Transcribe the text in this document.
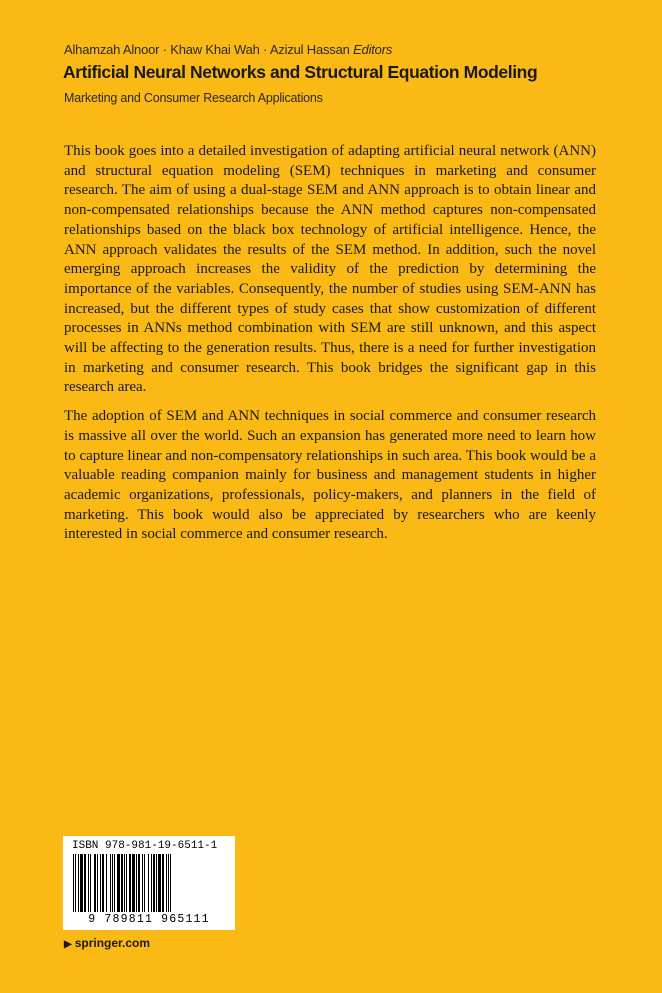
Alhamzah Alnoor · Khaw Khai Wah · Azizul Hassan Editors
Artificial Neural Networks and Structural Equation Modeling
Marketing and Consumer Research Applications

This book goes into a detailed investigation of adapting artificial neural network (ANN) and structural equation modeling (SEM) techniques in marketing and consumer research. The aim of using a dual-stage SEM and ANN approach is to obtain linear and non-compensated relationships because the ANN method captures non-compensated relationships based on the black box technology of artificial intelligence. Hence, the ANN approach validates the results of the SEM method. In addition, such the novel emerging approach increases the validity of the prediction by determining the importance of the variables. Consequently, the number of studies using SEM-ANN has increased, but the different types of study cases that show customization of different processes in ANNs method combination with SEM are still unknown, and this aspect will be affecting to the generation results. Thus, there is a need for further investigation in marketing and consumer research. This book bridges the significant gap in this research area.

The adoption of SEM and ANN techniques in social commerce and consumer research is massive all over the world. Such an expansion has generated more need to learn how to capture linear and non-compensatory relationships in such area. This book would be a valuable reading companion mainly for business and management students in higher academic organizations, professionals, policy-makers, and planners in the field of marketing. This book would also be appreciated by researchers who are keenly interested in social commerce and consumer research.

ISBN 978-981-19-6511-1
9 789811 965111
▶ springer.com
